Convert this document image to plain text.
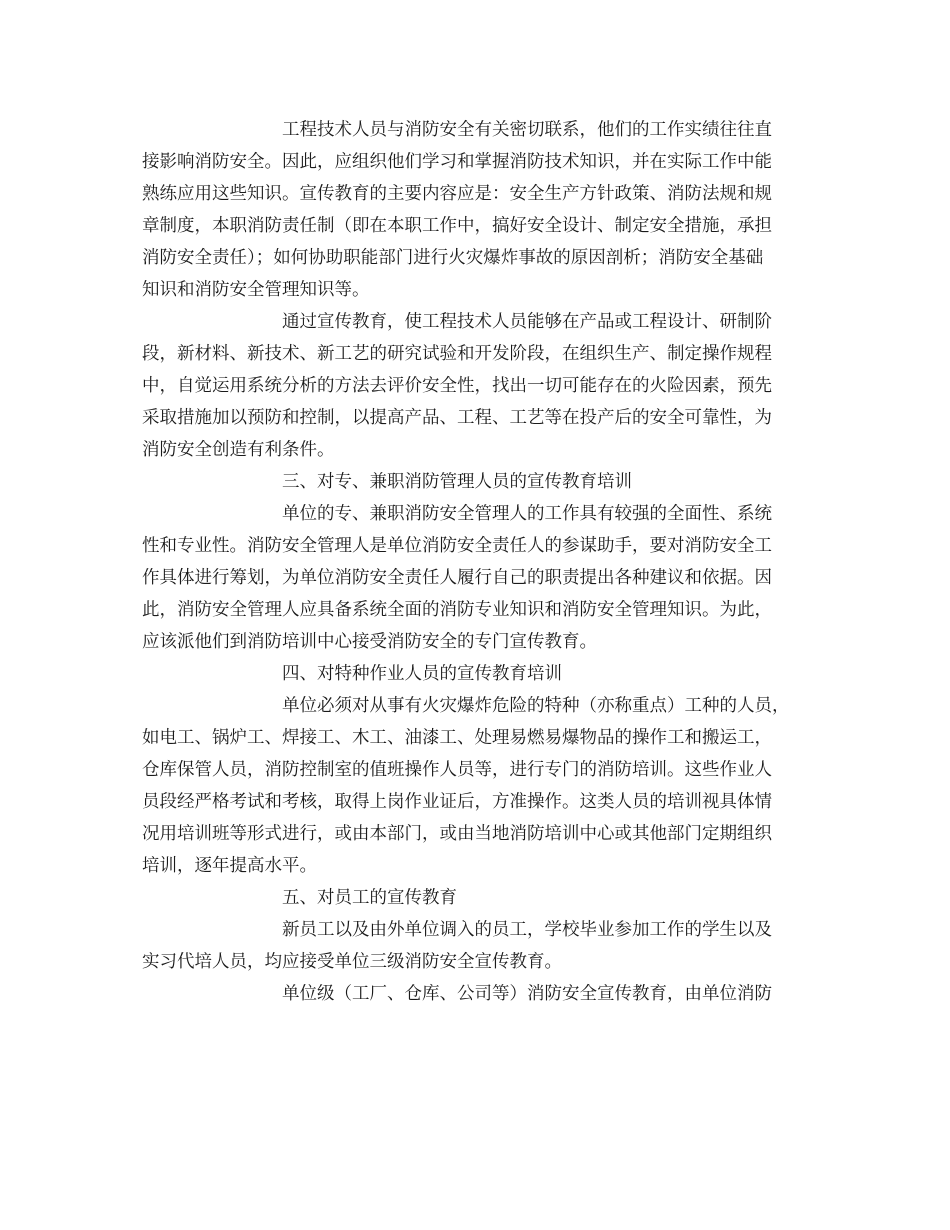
工程技术人员与消防安全有关密切联系，他们的工作实绩往往直
接影响消防安全。因此，应组织他们学习和掌握消防技术知识，并在实际工作中能
熟练应用这些知识。宣传教育的主要内容应是：安全生产方针政策、消防法规和规
章制度，本职消防责任制（即在本职工作中，搞好安全设计、制定安全措施，承担
消防安全责任）；如何协助职能部门进行火灾爆炸事故的原因剖析；消防安全基础
知识和消防安全管理知识等。
通过宣传教育，使工程技术人员能够在产品或工程设计、研制阶
段，新材料、新技术、新工艺的研究试验和开发阶段，在组织生产、制定操作规程
中，自觉运用系统分析的方法去评价安全性，找出一切可能存在的火险因素，预先
采取措施加以预防和控制，以提高产品、工程、工艺等在投产后的安全可靠性，为
消防安全创造有利条件。
三、对专、兼职消防管理人员的宣传教育培训
单位的专、兼职消防安全管理人的工作具有较强的全面性、系统
性和专业性。消防安全管理人是单位消防安全责任人的参谋助手，要对消防安全工
作具体进行筹划，为单位消防安全责任人履行自己的职责提出各种建议和依据。因
此，消防安全管理人应具备系统全面的消防专业知识和消防安全管理知识。为此，
应该派他们到消防培训中心接受消防安全的专门宣传教育。
四、对特种作业人员的宣传教育培训
单位必须对从事有火灾爆炸危险的特种（亦称重点）工种的人员，
如电工、锅炉工、焊接工、木工、油漆工、处理易燃易爆物品的操作工和搬运工，
仓库保管人员，消防控制室的值班操作人员等，进行专门的消防培训。这些作业人
员段经严格考试和考核，取得上岗作业证后，方准操作。这类人员的培训视具体情
况用培训班等形式进行，或由本部门，或由当地消防培训中心或其他部门定期组织
培训，逐年提高水平。
五、对员工的宣传教育
新员工以及由外单位调入的员工，学校毕业参加工作的学生以及
实习代培人员，均应接受单位三级消防安全宣传教育。
单位级（工厂、仓库、公司等）消防安全宣传教育，由单位消防
